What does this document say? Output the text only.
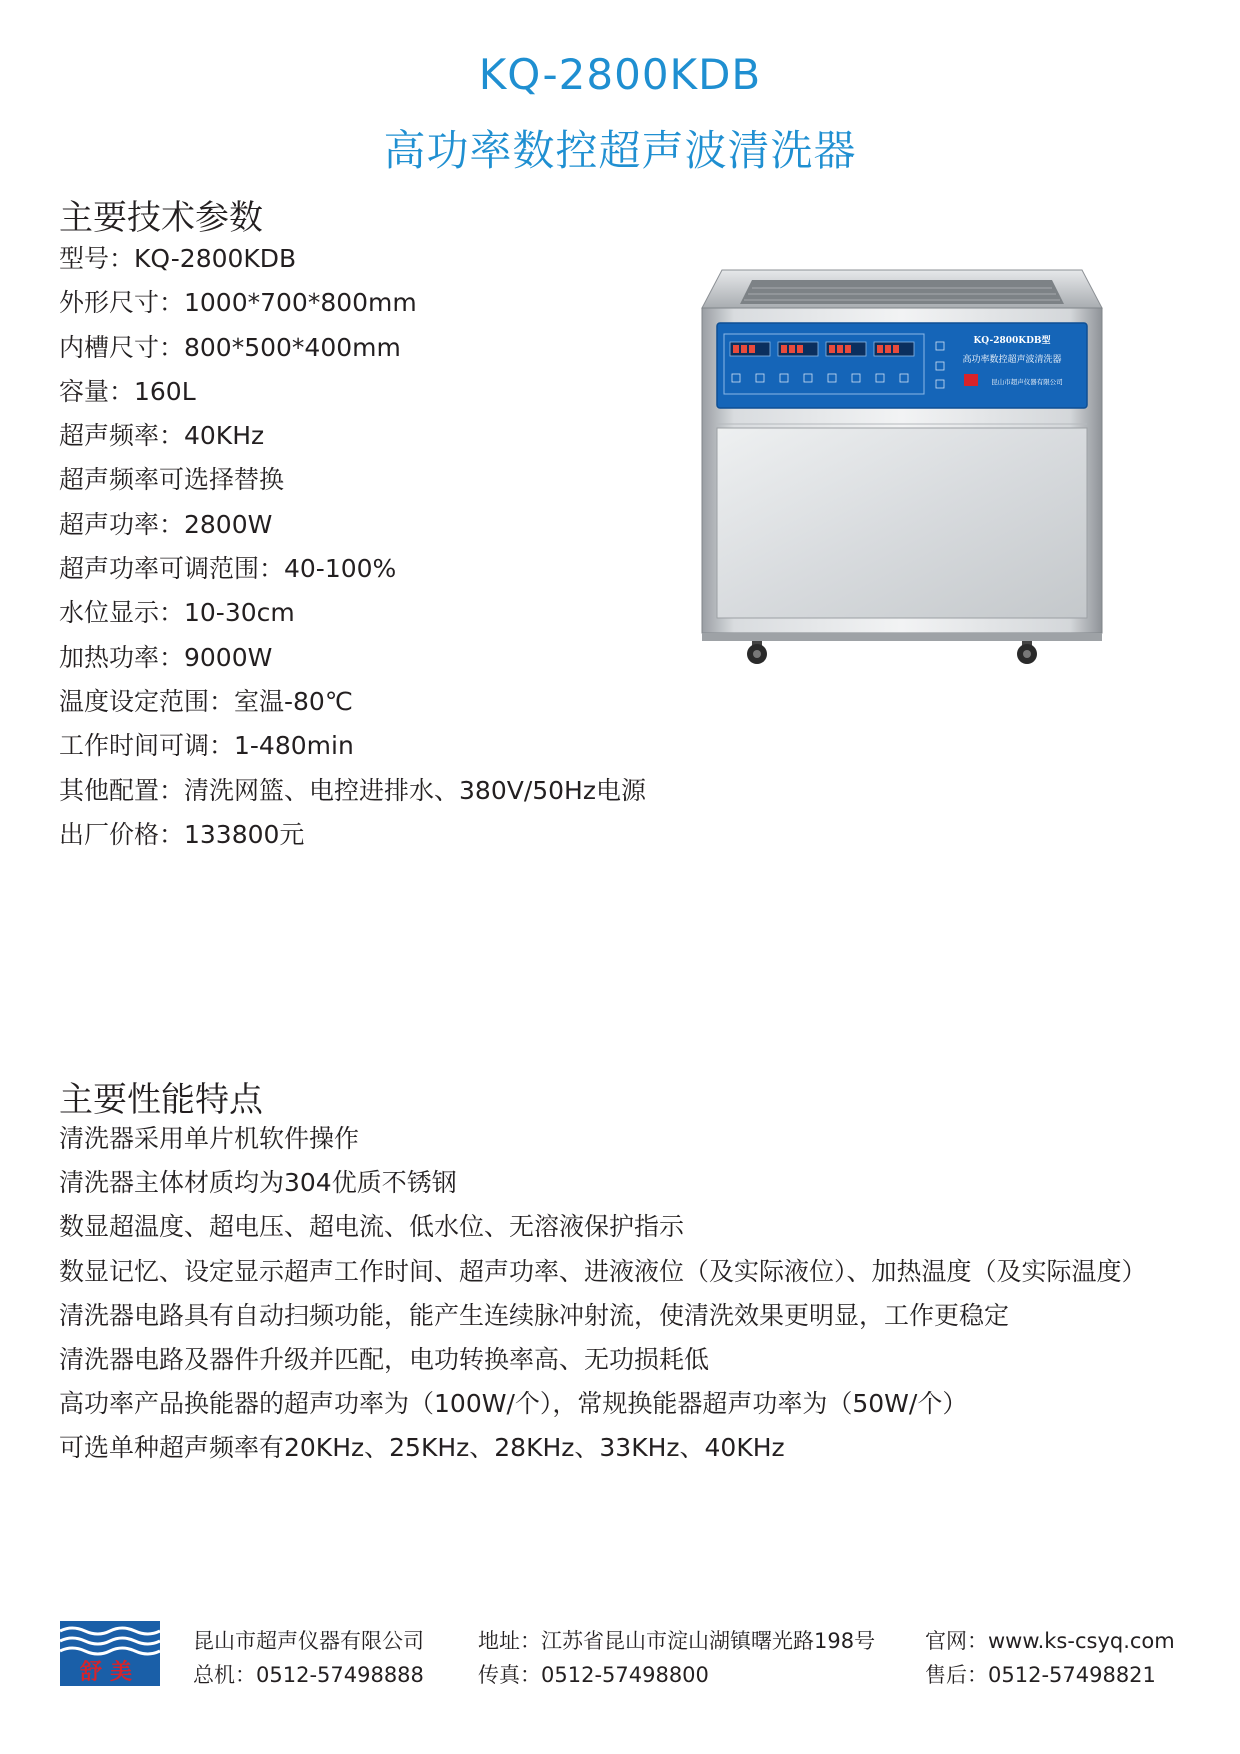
KQ-2800KDB
高功率数控超声波清洗器
主要技术参数
型号：KQ-2800KDB
外形尺寸：1000*700*800mm
内槽尺寸：800*500*400mm
容量：160L
超声频率：40KHz
超声频率可选择替换
超声功率：2800W
超声功率可调范围：40-100%
水位显示：10-30cm
加热功率：9000W
温度设定范围：室温-80℃
工作时间可调：1-480min
其他配置：清洗网篮、电控进排水、380V/50Hz电源
出厂价格：133800元
KQ-2800KDB型
高功率数控超声波清洗器
昆山市超声仪器有限公司
主要性能特点
清洗器采用单片机软件操作
清洗器主体材质均为304优质不锈钢
数显超温度、超电压、超电流、低水位、无溶液保护指示
数显记忆、设定显示超声工作时间、超声功率、进液液位（及实际液位）、加热温度（及实际温度）
清洗器电路具有自动扫频功能，能产生连续脉冲射流，使清洗效果更明显，工作更稳定
清洗器电路及器件升级并匹配，电功转换率高、无功损耗低
高功率产品换能器的超声功率为（100W/个），常规换能器超声功率为（50W/个）
可选单种超声频率有20KHz、25KHz、28KHz、33KHz、40KHz
舒美

昆山市超声仪器有限公司

总机：0512-57498888

地址：江苏省昆山市淀山湖镇曙光路198号

传真：0512-57498800

官网：www.ks-csyq.com

售后：0512-57498821
